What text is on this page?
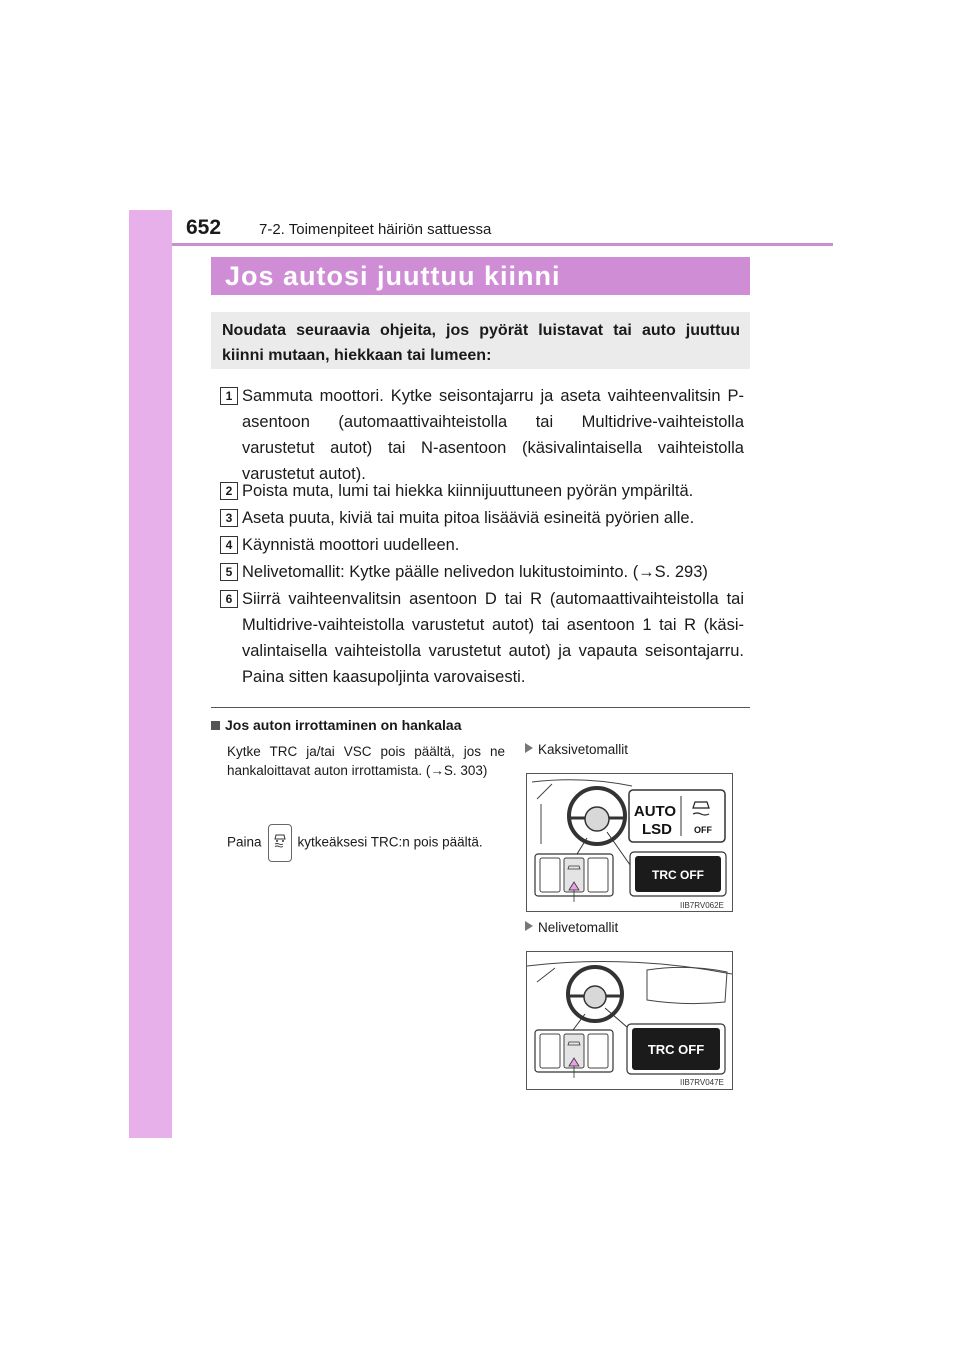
652	7-2. Toimenpiteet häiriön sattuessa
Jos autosi juuttuu kiinni
Noudata seuraavia ohjeita, jos pyörät luistavat tai auto juuttuu kiinni mutaan, hiekkaan tai lumeen:
1 Sammuta moottori. Kytke seisontajarru ja aseta vaihteenvalitsin P-asentoon (automaattivaihteistolla tai Multidrive-vaihteistolla varustetut autot) tai N-asentoon (käsivalintaisella vaihteistolla varustetut autot).
2 Poista muta, lumi tai hiekka kiinnijuuttuneen pyörän ympäriltä.
3 Aseta puuta, kiviä tai muita pitoa lisääviä esineitä pyörien alle.
4 Käynnistä moottori uudelleen.
5 Nelivetomallit: Kytke päälle nelivedon lukitustoiminto. (→S. 293)
6 Siirrä vaihteenvalitsin asentoon D tai R (automaattivaihteistolla tai Multidrive-vaihteistolla varustetut autot) tai asentoon 1 tai R (käsi-valintaisella vaihteistolla varustetut autot) ja vapauta seisontajarru. Paina sitten kaasupoljinta varovaisesti.
Jos auton irrottaminen on hankalaa
Kytke TRC ja/tai VSC pois päältä, jos ne hankaloittavat auton irrottamista. (→S. 303)
Paina	kytkeäksesi TRC:n pois päältä.
Kaksivetomallit
AUTO
LSD OFF
TRC OFF
IIB7RV062E
Nelivetomallit
TRC OFF
IIB7RV047E
